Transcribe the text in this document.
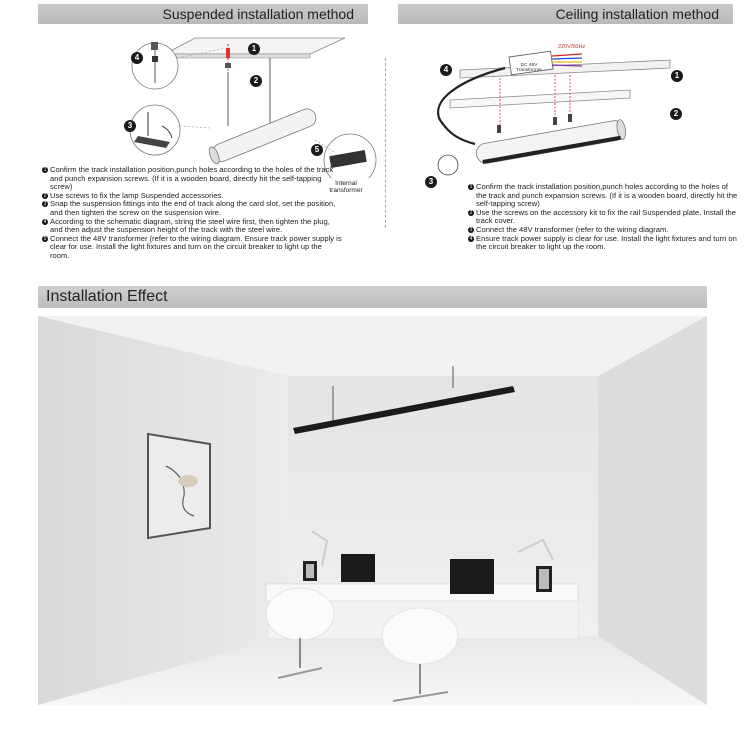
Suspended installation method	Ceiling installation method
1
2
3
4
5
Internal transformer
1 Confirm the track installation position,punch holes according to the holes of the track and punch expansion screws. (If it is a wooden board, directly hit the self-tapping screw)
2 Use screws to fix the lamp Suspended accessories.
3 Snap the suspension fittings into the end of track along the card slot, set the position, and then tighten the screw on the suspension wire.
4 According to the schematic diagram, string the steel wire first, then tighten the plug, and then adjust the suspension height of the track with the steel wire.
5 Connect the 48V transformer (refer to the wiring diagram. Ensure track power supply is clear for use. Install the light fixtures and turn on the circuit breaker to light up the room.
220V/50Hz
DC 48V Transformer
1
2
3
4
1 Confirm the track installation position,punch holes according to the holes of the track and punch expansion screws. (If it is a wooden board, directly hit the self-tapping screw)
2 Use the screws on the accessory kit to fix the rail Suspended plate. Install the track cover.
3 Connect the 48V transformer (refer to the wiring diagram.
4 Ensure track power supply is clear for use. Install the light fixtures and turn on the circuit breaker to light up the room.
Installation Effect
